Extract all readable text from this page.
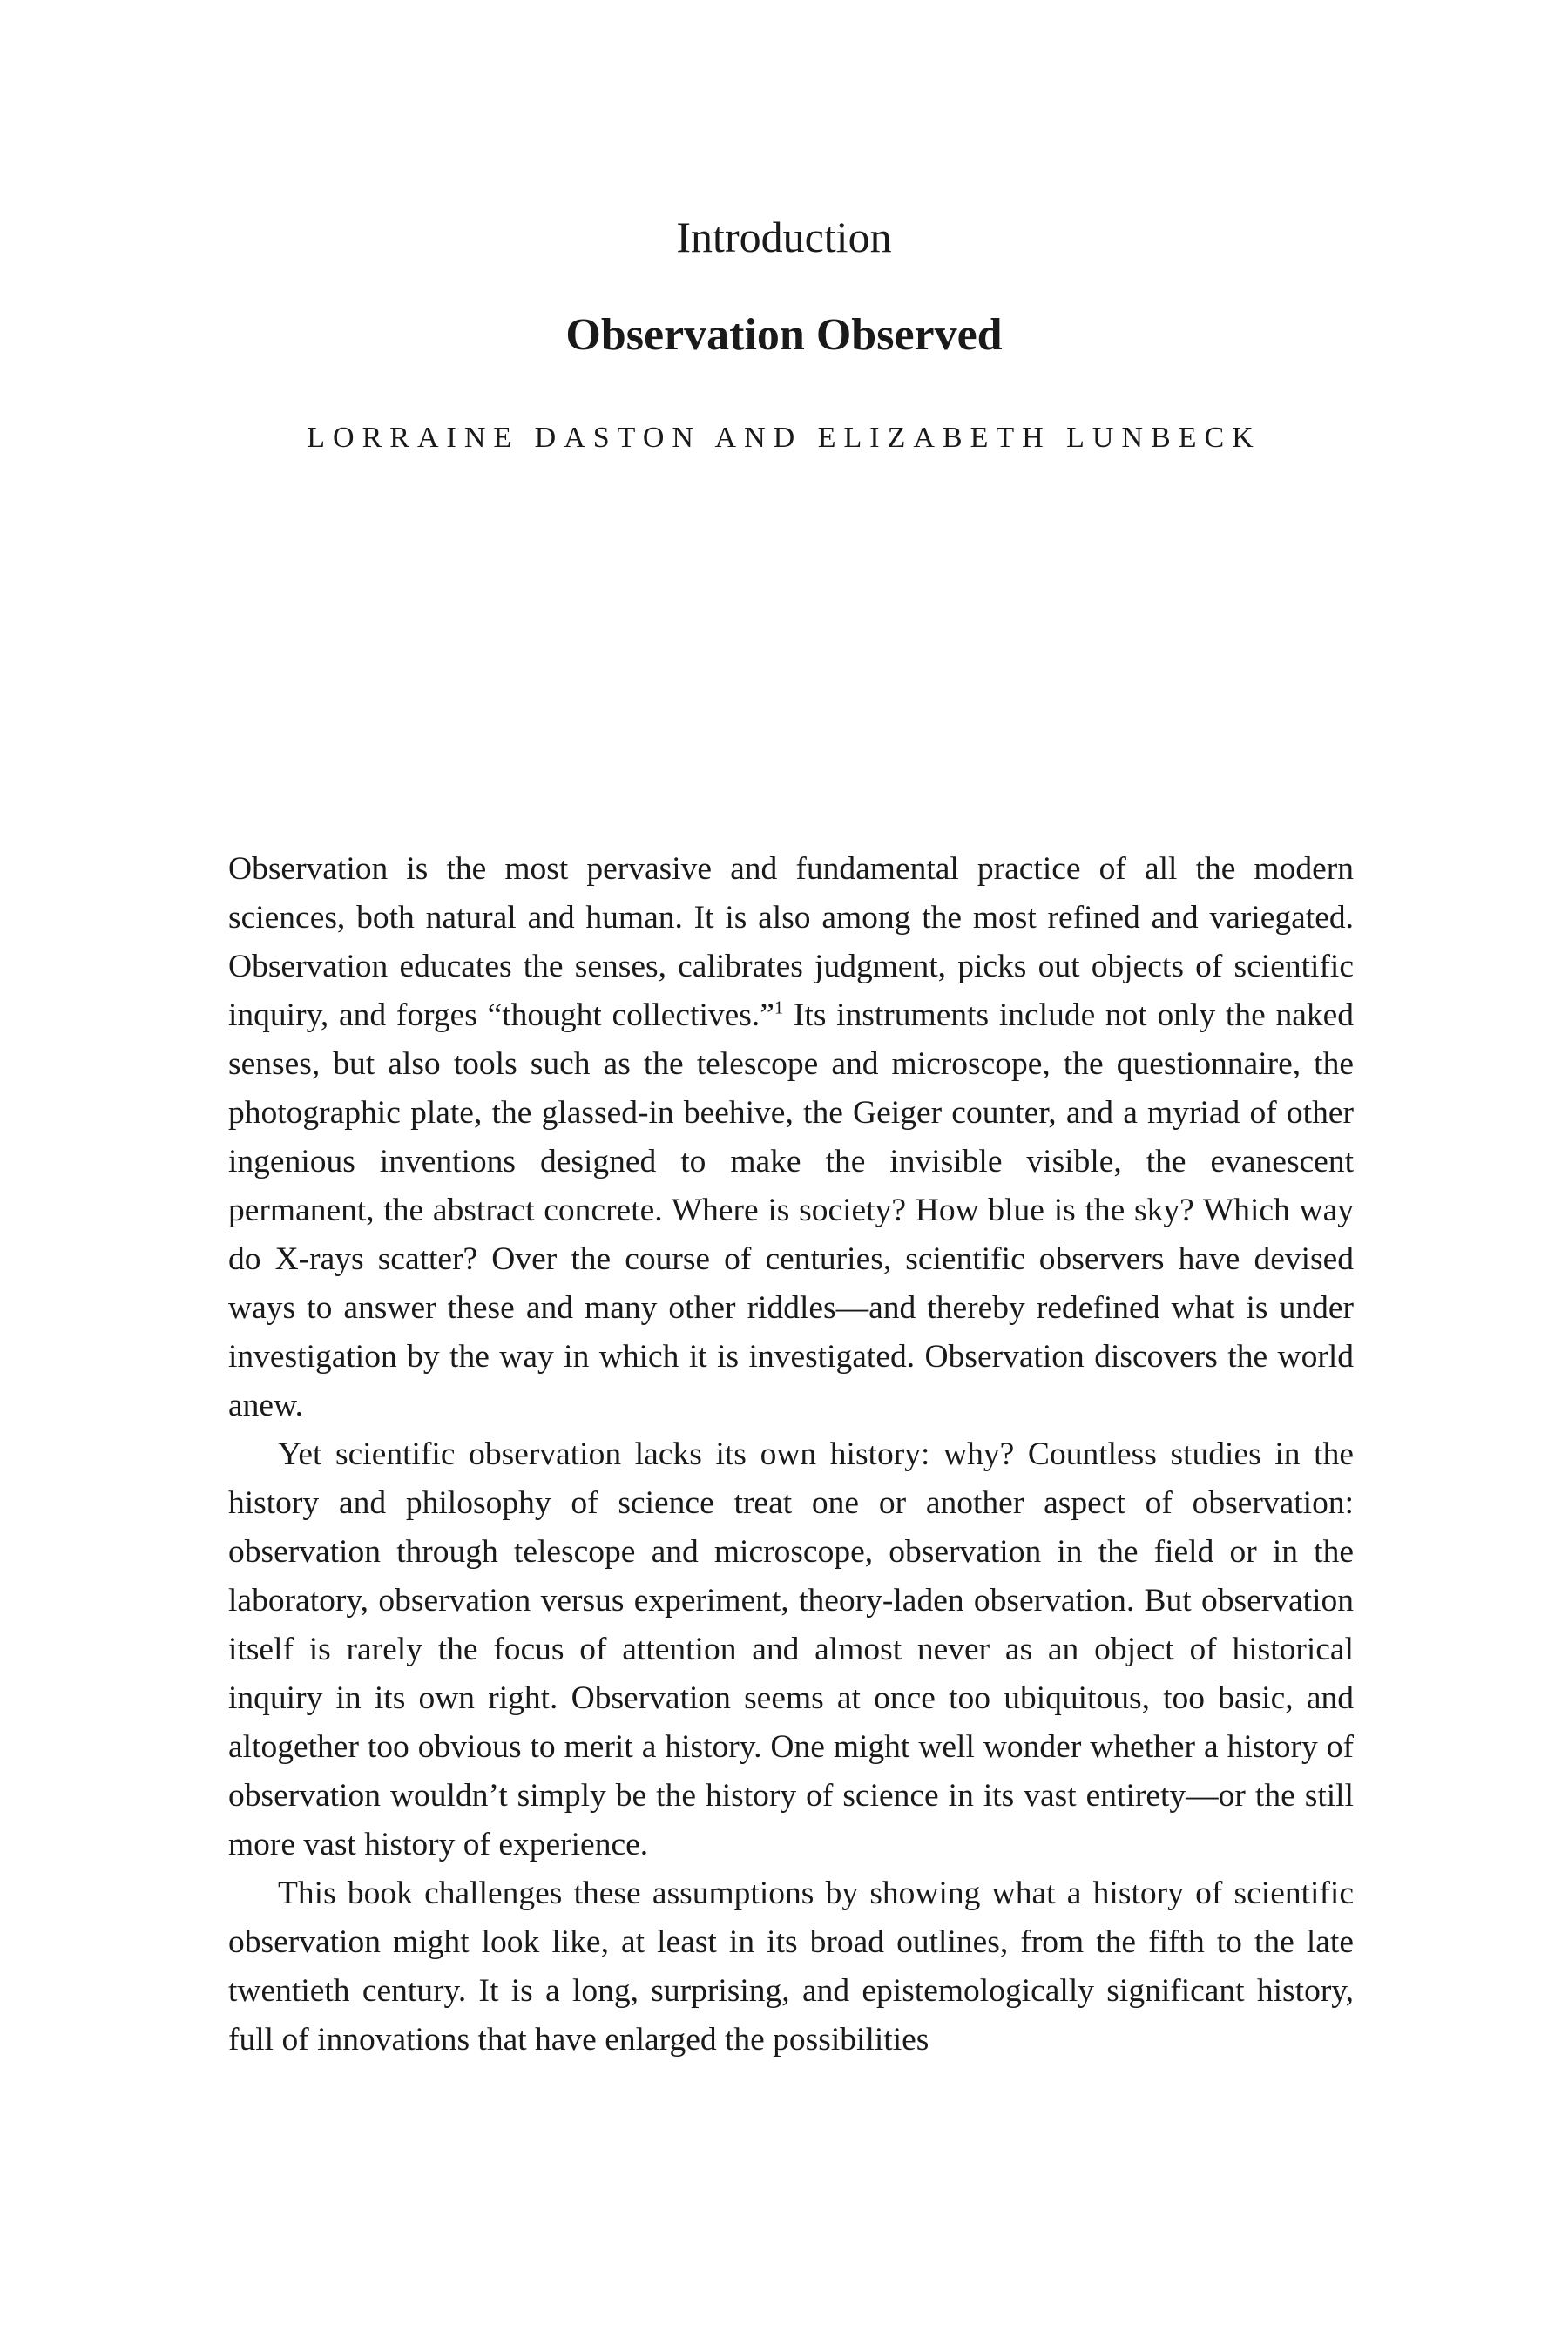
Introduction
Observation Observed
LORRAINE DASTON AND ELIZABETH LUNBECK

Observation is the most pervasive and fundamental practice of all the modern sciences, both natural and human. It is also among the most refined and variegated. Observation educates the senses, calibrates judgment, picks out objects of scientific inquiry, and forges “thought collectives.”$^1$ Its instruments include not only the naked senses, but also tools such as the telescope and microscope, the questionnaire, the photographic plate, the glassed-in beehive, the Geiger counter, and a myriad of other ingenious inventions designed to make the invisible visible, the evanescent permanent, the abstract concrete. Where is society? How blue is the sky? Which way do X-rays scatter? Over the course of centuries, scientific observers have devised ways to answer these and many other riddles—and thereby redefined what is under investigation by the way in which it is investigated. Observation discovers the world anew.

Yet scientific observation lacks its own history: why? Countless studies in the history and philosophy of science treat one or another aspect of observation: observation through telescope and microscope, observation in the field or in the laboratory, observation versus experiment, theory-laden observation. But observation itself is rarely the focus of attention and almost never as an object of historical inquiry in its own right. Observation seems at once too ubiquitous, too basic, and altogether too obvious to merit a history. One might well wonder whether a history of observation wouldn’t simply be the history of science in its vast entirety—or the still more vast history of experience.

This book challenges these assumptions by showing what a history of scientific observation might look like, at least in its broad outlines, from the fifth to the late twentieth century. It is a long, surprising, and epistemologically significant history, full of innovations that have enlarged the possibilities
